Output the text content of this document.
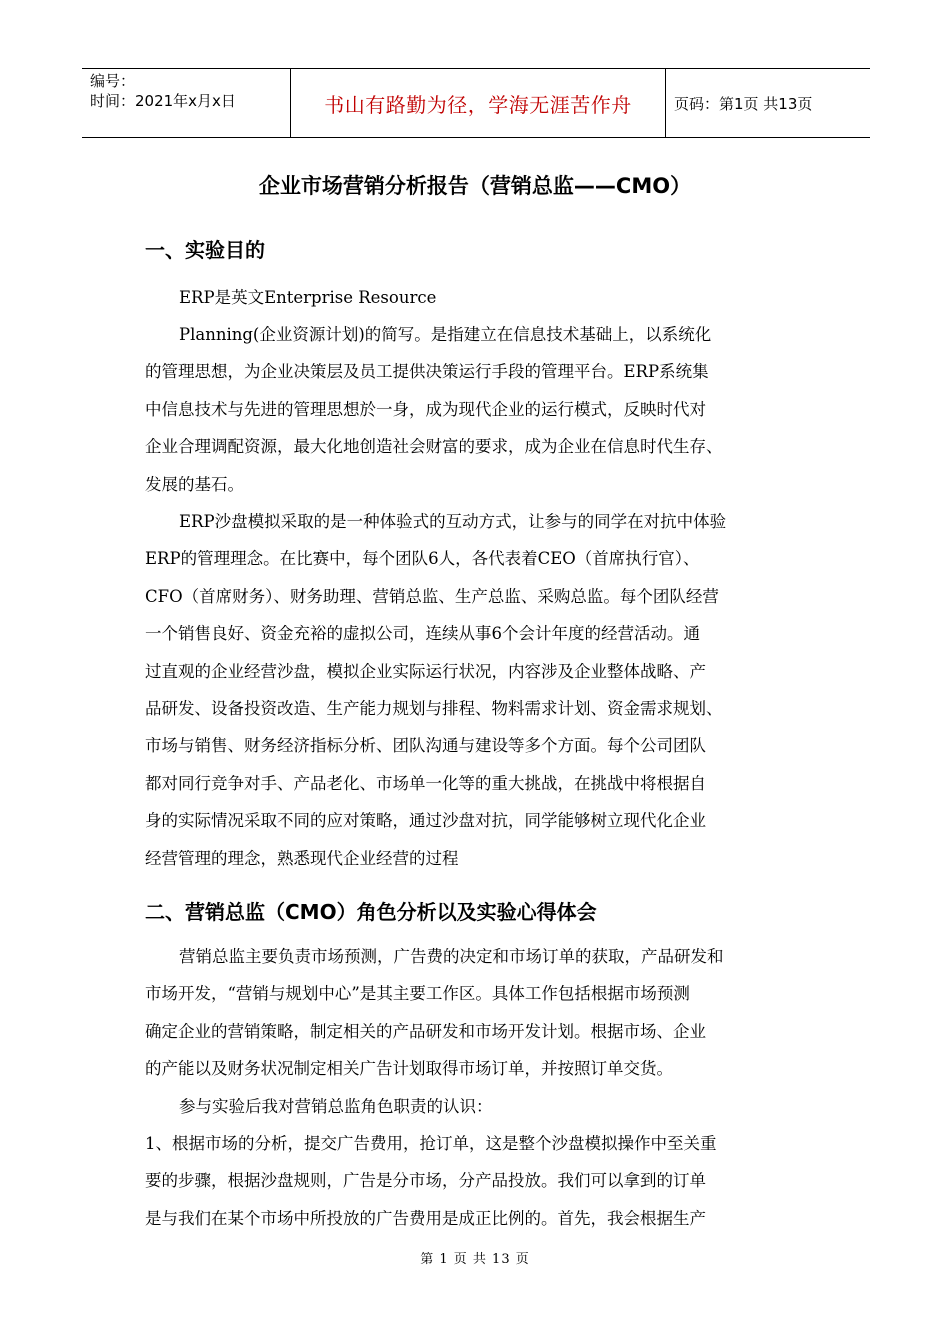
编号：
时间：2021年x月x日	书山有路勤为径，学海无涯苦作舟	页码：第1页 共13页
企业市场营销分析报告（营销总监——CMO）
一、实验目的
ERP是英文Enterprise Resource
Planning(企业资源计划)的简写。是指建立在信息技术基础上，以系统化
的管理思想，为企业决策层及员工提供决策运行手段的管理平台。ERP系统集
中信息技术与先进的管理思想於一身，成为现代企业的运行模式，反映时代对
企业合理调配资源，最大化地创造社会财富的要求，成为企业在信息时代生存、
发展的基石。
ERP沙盘模拟采取的是一种体验式的互动方式，让参与的同学在对抗中体验
ERP的管理理念。在比赛中，每个团队6人，各代表着CEO（首席执行官）、
CFO（首席财务）、财务助理、营销总监、生产总监、采购总监。每个团队经营
一个销售良好、资金充裕的虚拟公司，连续从事6个会计年度的经营活动。通
过直观的企业经营沙盘，模拟企业实际运行状况，内容涉及企业整体战略、产
品研发、设备投资改造、生产能力规划与排程、物料需求计划、资金需求规划、
市场与销售、财务经济指标分析、团队沟通与建设等多个方面。每个公司团队
都对同行竞争对手、产品老化、市场单一化等的重大挑战，在挑战中将根据自
身的实际情况采取不同的应对策略，通过沙盘对抗，同学能够树立现代化企业
经营管理的理念，熟悉现代企业经营的过程
二、营销总监（CMO）角色分析以及实验心得体会
营销总监主要负责市场预测，广告费的决定和市场订单的获取，产品研发和
市场开发，“营销与规划中心”是其主要工作区。具体工作包括根据市场预测
确定企业的营销策略，制定相关的产品研发和市场开发计划。根据市场、企业
的产能以及财务状况制定相关广告计划取得市场订单，并按照订单交货。
参与实验后我对营销总监角色职责的认识：
1、根据市场的分析，提交广告费用，抢订单，这是整个沙盘模拟操作中至关重
要的步骤，根据沙盘规则，广告是分市场，分产品投放。我们可以拿到的订单
是与我们在某个市场中所投放的广告费用是成正比例的。首先，我会根据生产
第 1 页 共 13 页
